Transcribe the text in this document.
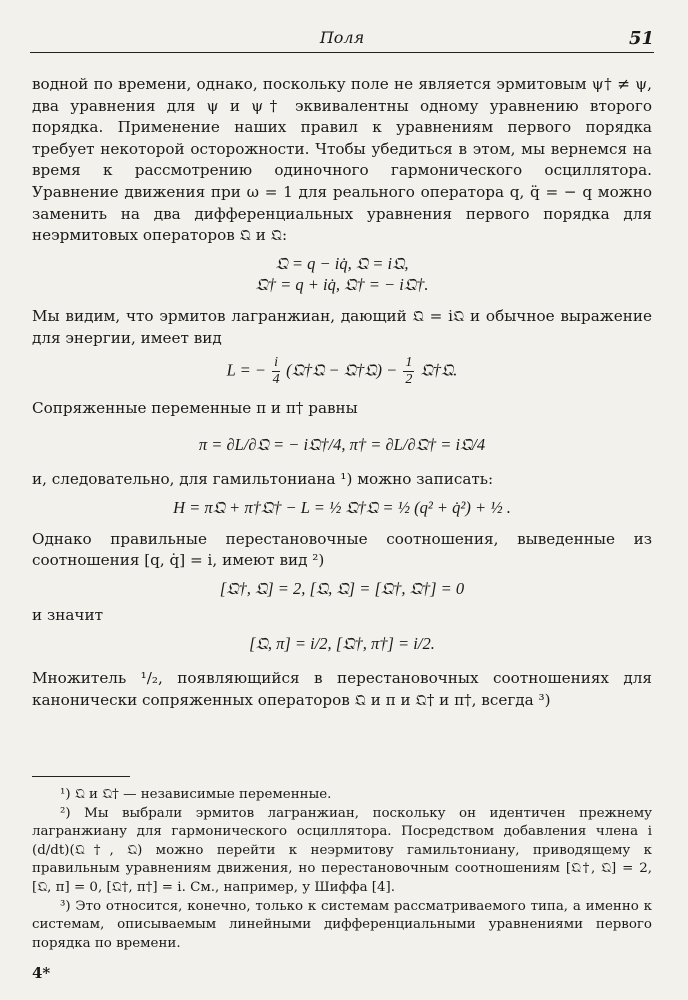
Поля	51

водной по времени, однако, поскольку поле не является эрмитовым ψ† ≠ ψ, два уравнения для ψ и ψ† эквивалентны одному уравнению второго порядка. Применение наших правил к уравнениям первого порядка требует некоторой осторожности. Чтобы убедиться в этом, мы вернемся на время к рассмотрению одиночного гармонического осциллятора. Уравнение движения при ω = 1 для реального оператора q, q̈ = − q можно заменить на два дифференциальных уравнения первого порядка для неэрмитовых операторов 𝔔 и 𝔔̇:

𝔔 = q − iq̇, 𝔔̇ = i𝔔,

𝔔† = q + iq̇, 𝔔̇† = − i𝔔†.

Мы видим, что эрмитов лагранжиан, дающий 𝔔̇ = i𝔔 и обычное выражение для энергии, имеет вид

L = − $\frac{i}{4}$ (𝔔†𝔔̇ − 𝔔̇†𝔔) − $\frac{1}{2}$ 𝔔†𝔔.

Сопряженные переменные π и π† равны

π = ∂L/∂𝔔̇ = − i𝔔†/4, π† = ∂L/∂𝔔̇† = i𝔔/4

и, следовательно, для гамильтониана ¹) можно записать:

H = π𝔔̇ + π†𝔔̇† − L = ½ 𝔔†𝔔 = ½ (q² + q̇²) + ½ .

Однако правильные перестановочные соотношения, выведенные из соотношения [q, q̇] = i, имеют вид ²)

[𝔔†, 𝔔] = 2, [𝔔, 𝔔̇] = [𝔔†, 𝔔̇†] = 0

и значит

[𝔔, π] = i/2, [𝔔†, π†] = i/2.

Множитель ¹/₂, появляющийся в перестановочных соотношениях для канонически сопряженных операторов 𝔔 и π и 𝔔† и π†, всегда ³)

¹) 𝔔 и 𝔔† — независимые переменные.

²) Мы выбрали эрмитов лагранжиан, поскольку он идентичен прежнему лагранжиану для гармонического осциллятора. Посредством добавления члена i (d/dt)(𝔔†, 𝔔) можно перейти к неэрмитову гамильтониану, приводящему к правильным уравнениям движения, но перестановочным соотношениям [𝔔†, 𝔔] = 2, [𝔔, π] = 0, [𝔔†, π†] = i. См., например, у Шиффа [4].

³) Это относится, конечно, только к системам рассматриваемого типа, а именно к системам, описываемым линейными дифференциальными уравнениями первого порядка по времени.

4*
